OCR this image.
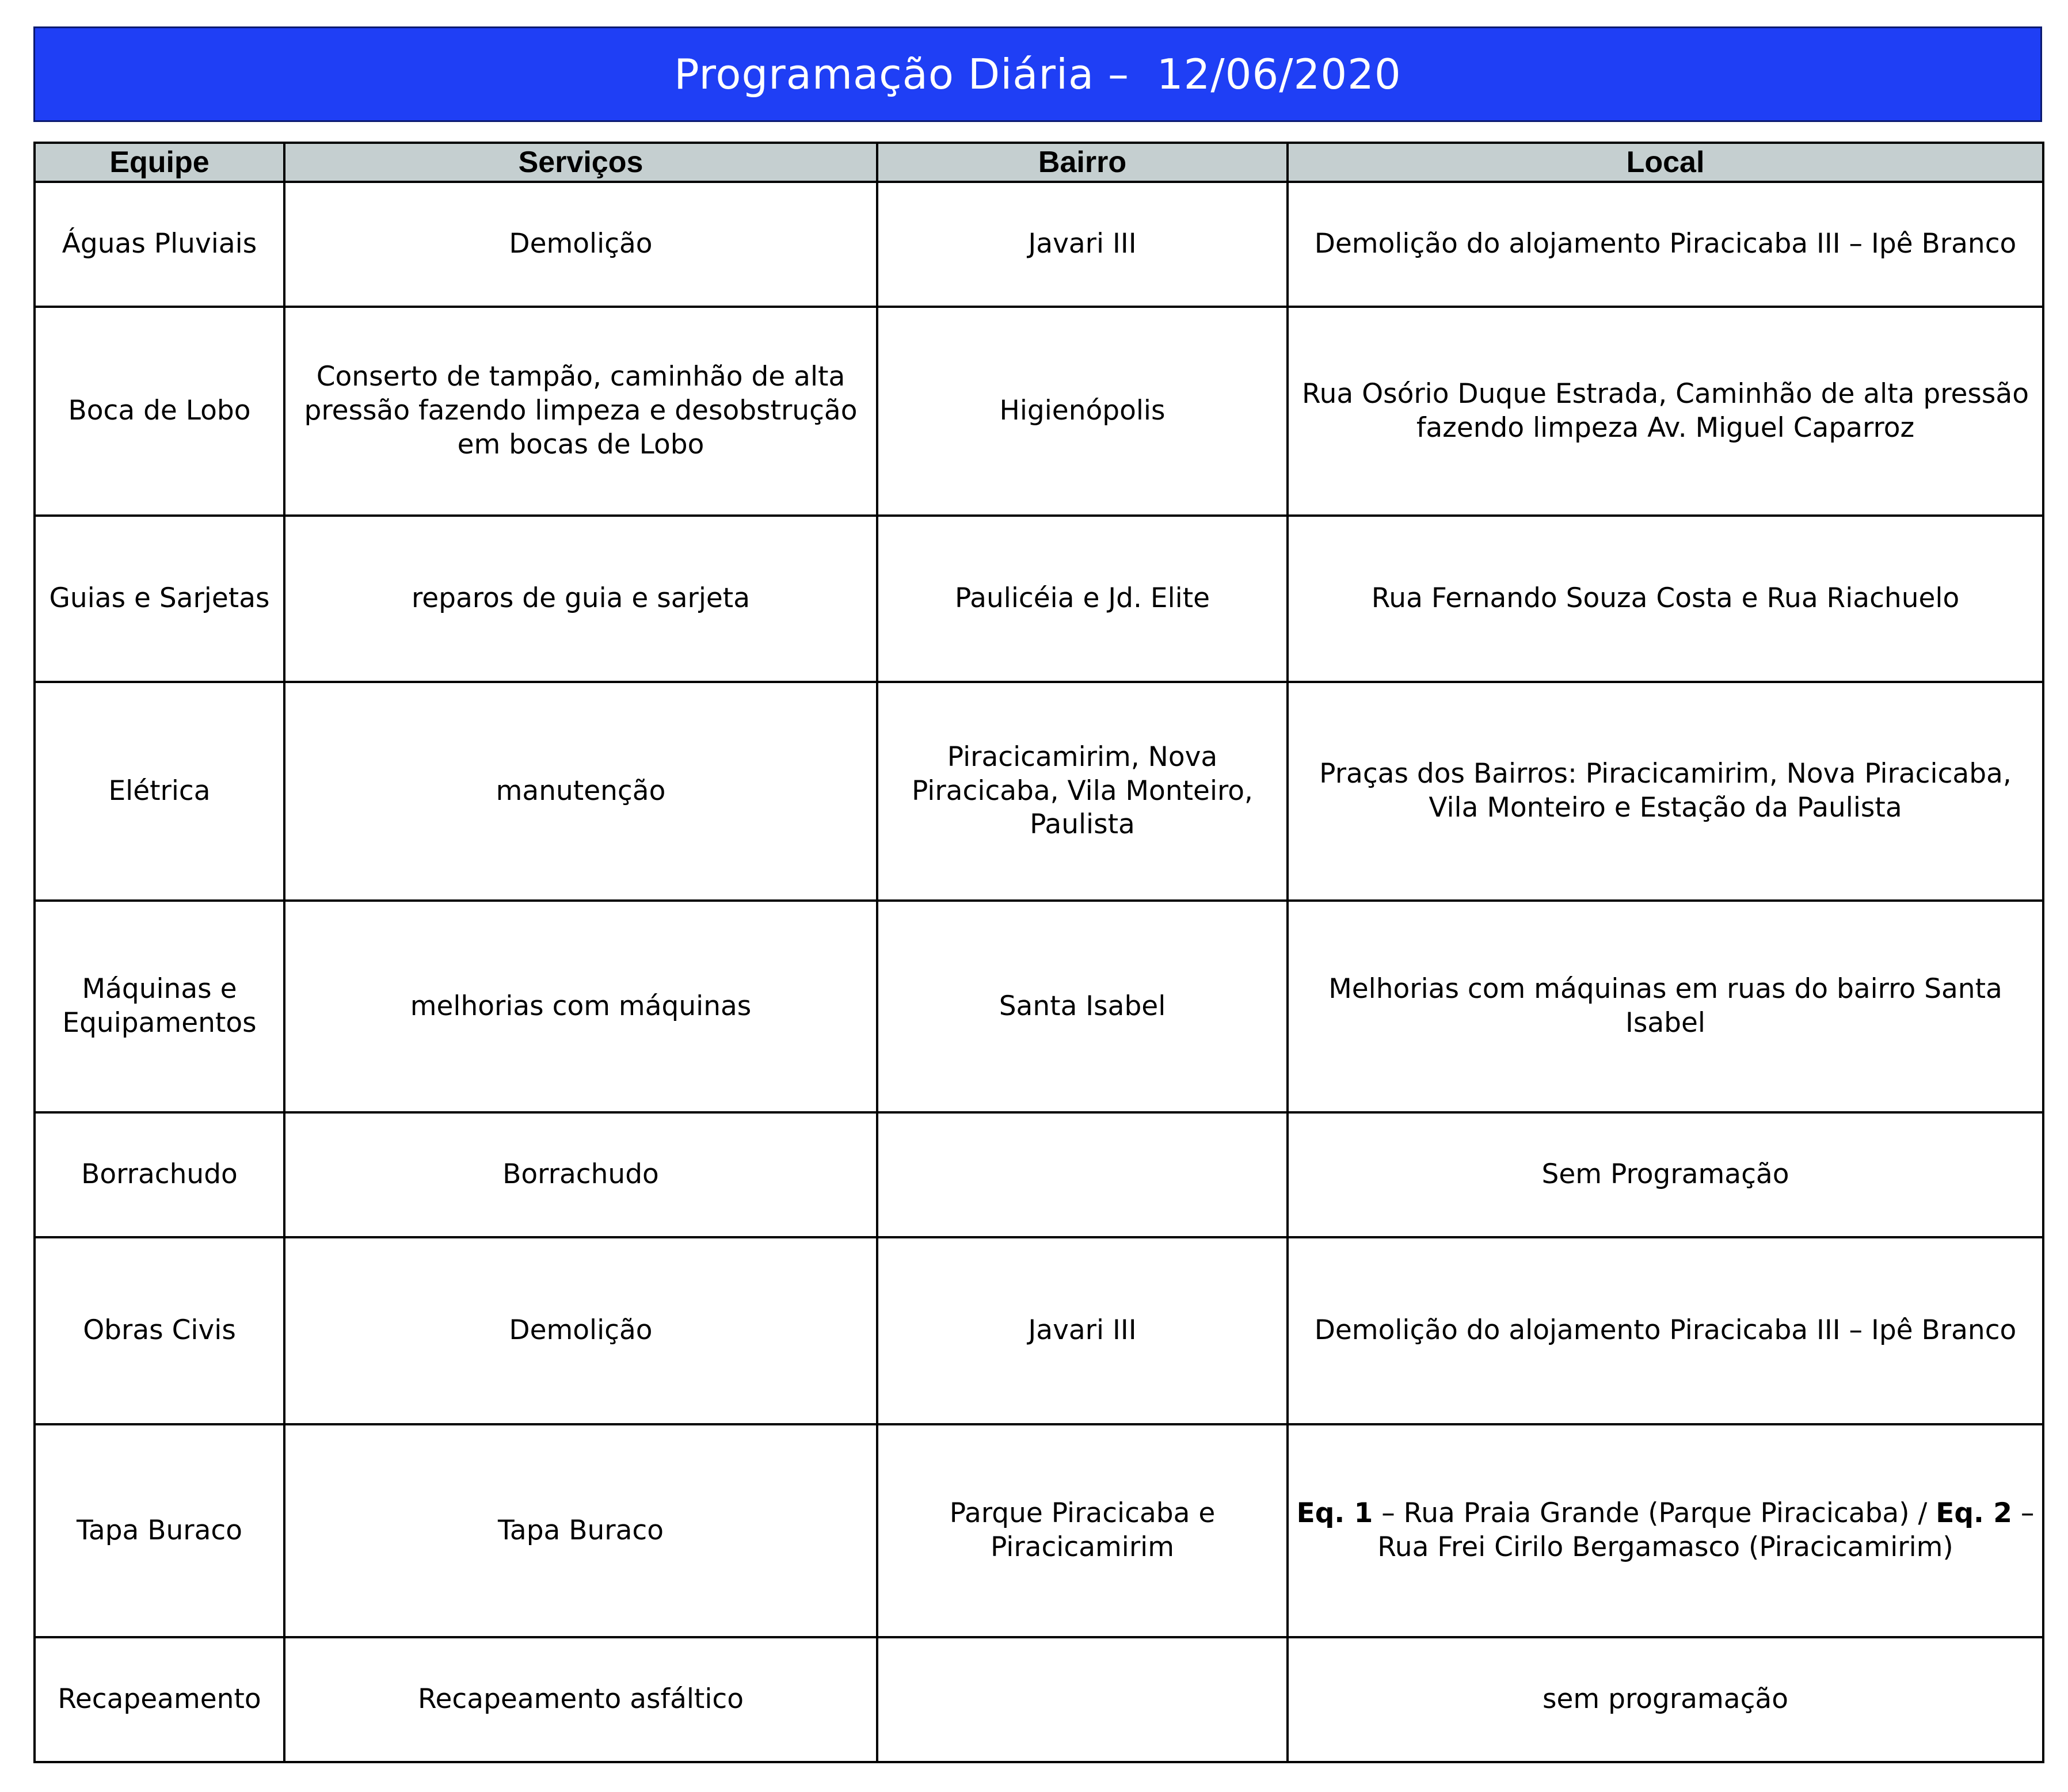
Programação Diária –  12/06/2020
Equipe	Serviços	Bairro	Local
Águas Pluviais	Demolição	Javari III	Demolição do alojamento Piracicaba III – Ipê Branco
Boca de Lobo	Conserto de tampão, caminhão de alta pressão fazendo limpeza e desobstrução em bocas de Lobo	Higienópolis	Rua Osório Duque Estrada, Caminhão de alta pressão fazendo limpeza Av. Miguel Caparroz
Guias e Sarjetas	reparos de guia e sarjeta	Paulicéia e Jd. Elite	Rua Fernando Souza Costa e Rua Riachuelo
Elétrica	manutenção	Piracicamirim, Nova Piracicaba, Vila Monteiro, Paulista	Praças dos Bairros: Piracicamirim, Nova Piracicaba, Vila Monteiro e Estação da Paulista
Máquinas e Equipamentos	melhorias com máquinas	Santa Isabel	Melhorias com máquinas em ruas do bairro Santa Isabel
Borrachudo	Borrachudo		Sem Programação
Obras Civis	Demolição	Javari III	Demolição do alojamento Piracicaba III – Ipê Branco
Tapa Buraco	Tapa Buraco	Parque Piracicaba e Piracicamirim	Eq. 1 – Rua Praia Grande (Parque Piracicaba) / Eq. 2 – Rua Frei Cirilo Bergamasco (Piracicamirim)
Recapeamento	Recapeamento asfáltico		sem programação
